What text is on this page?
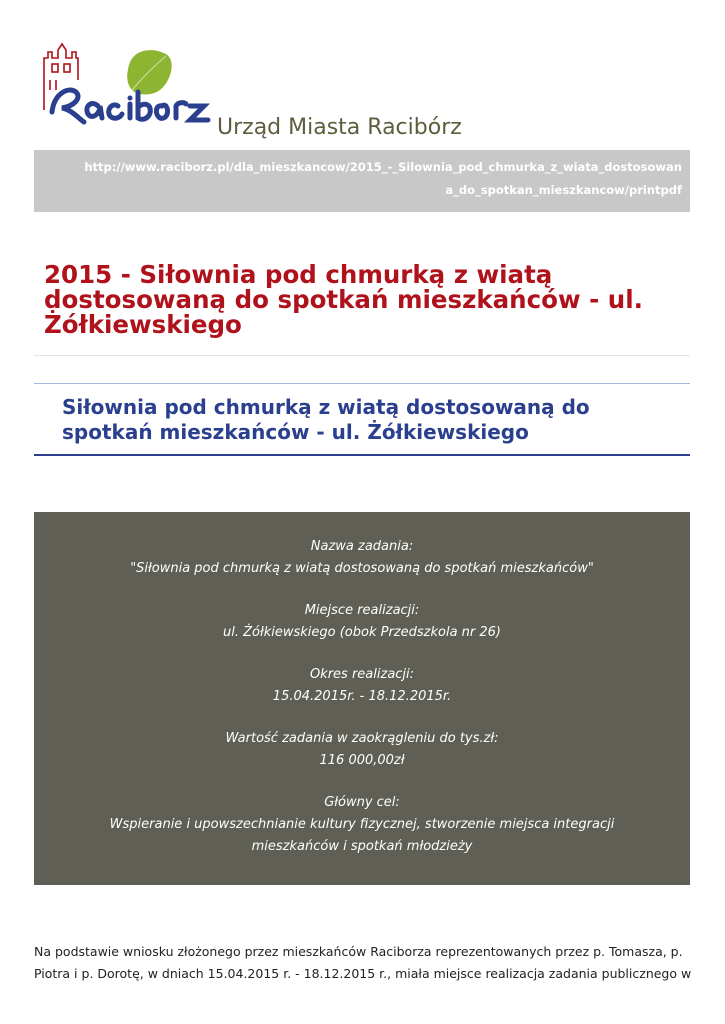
Urząd Miasta Racibórz
http://www.raciborz.pl/dla_mieszkancow/2015_-_Silownia_pod_chmurka_z_wiata_dostosowan
a_do_spotkan_mieszkancow/printpdf
2015 - Siłownia pod chmurką z wiatą dostosowaną do spotkań mieszkańców - ul. Żółkiewskiego
Siłownia pod chmurką z wiatą dostosowaną do spotkań mieszkańców - ul. Żółkiewskiego
Nazwa zadania:
"Siłownia pod chmurką z wiatą dostosowaną do spotkań mieszkańców"
Miejsce realizacji:
ul. Żółkiewskiego (obok Przedszkola nr 26)
Okres realizacji:
15.04.2015r. - 18.12.2015r.
Wartość zadania w zaokrągleniu do tys.zł:
116 000,00zł
Główny cel:
Wspieranie i upowszechnianie kultury fizycznej, stworzenie miejsca integracji
mieszkańców i spotkań młodzieży

Na podstawie wniosku złożonego przez mieszkańców Raciborza reprezentowanych przez p. Tomasza, p. Piotra i p. Dorotę, w dniach 15.04.2015 r. - 18.12.2015 r., miała miejsce realizacja zadania publicznego w
